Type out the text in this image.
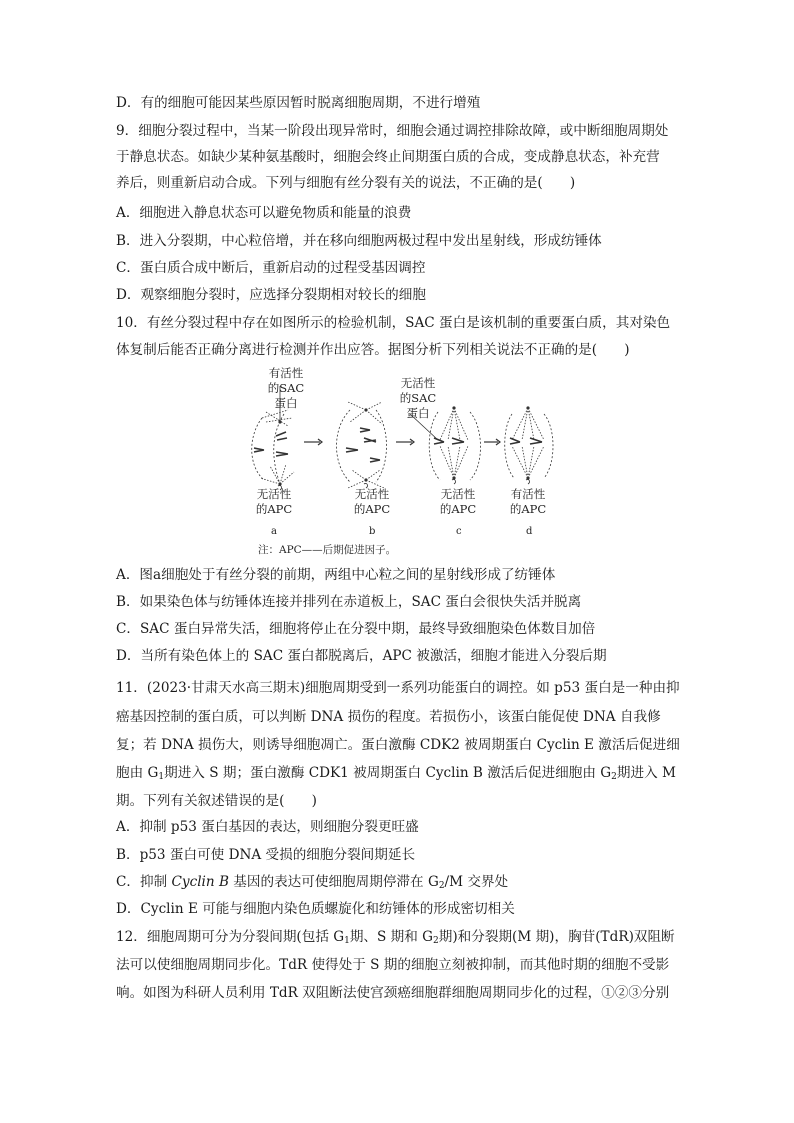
D．有的细胞可能因某些原因暂时脱离细胞周期，不进行增殖
9．细胞分裂过程中，当某一阶段出现异常时，细胞会通过调控排除故障，或中断细胞周期处
于静息状态。如缺少某种氨基酸时，细胞会终止间期蛋白质的合成，变成静息状态，补充营
养后，则重新启动合成。下列与细胞有丝分裂有关的说法，不正确的是(　　)
A．细胞进入静息状态可以避免物质和能量的浪费
B．进入分裂期，中心粒倍增，并在移向细胞两极过程中发出星射线，形成纺锤体
C．蛋白质合成中断后，重新启动的过程受基因调控
D．观察细胞分裂时，应选择分裂期相对较长的细胞
10．有丝分裂过程中存在如图所示的检验机制，SAC 蛋白是该机制的重要蛋白质，其对染色
体复制后能否正确分离进行检测并作出应答。据图分析下列相关说法不正确的是(　　)
有活性
的SAC
蛋白
无活性
的SAC
蛋白
无活性
的APC
无活性
的APC
无活性
的APC
有活性
的APC
a	b	c	d
注：APC——后期促进因子。
A．图a细胞处于有丝分裂的前期，两组中心粒之间的星射线形成了纺锤体
B．如果染色体与纺锤体连接并排列在赤道板上，SAC 蛋白会很快失活并脱离
C．SAC 蛋白异常失活，细胞将停止在分裂中期，最终导致细胞染色体数目加倍
D．当所有染色体上的 SAC 蛋白都脱离后，APC 被激活，细胞才能进入分裂后期
11．(2023·甘肃天水高三期末)细胞周期受到一系列功能蛋白的调控。如 p53 蛋白是一种由抑
癌基因控制的蛋白质，可以判断 DNA 损伤的程度。若损伤小，该蛋白能促使 DNA 自我修
复；若 DNA 损伤大，则诱导细胞凋亡。蛋白激酶 CDK2 被周期蛋白 Cyclin E 激活后促进细
胞由 $G_1$期进入 S 期；蛋白激酶 CDK1 被周期蛋白 Cyclin B 激活后促进细胞由 $G_2$期进入 M
期。下列有关叙述错误的是(　　)
A．抑制 p53 蛋白基因的表达，则细胞分裂更旺盛
B．p53 蛋白可使 DNA 受损的细胞分裂间期延长
C．抑制 Cyclin B 基因的表达可使细胞周期停滞在 $G_2/M$ 交界处
D．Cyclin E 可能与细胞内染色质螺旋化和纺锤体的形成密切相关
12．细胞周期可分为分裂间期(包括 $G_1$期、S 期和 $G_2$期)和分裂期(M 期)，胸苷(TdR)双阻断
法可以使细胞周期同步化。TdR 使得处于 S 期的细胞立刻被抑制，而其他时期的细胞不受影
响。如图为科研人员利用 TdR 双阻断法使宫颈癌细胞群细胞周期同步化的过程，①②③分别
